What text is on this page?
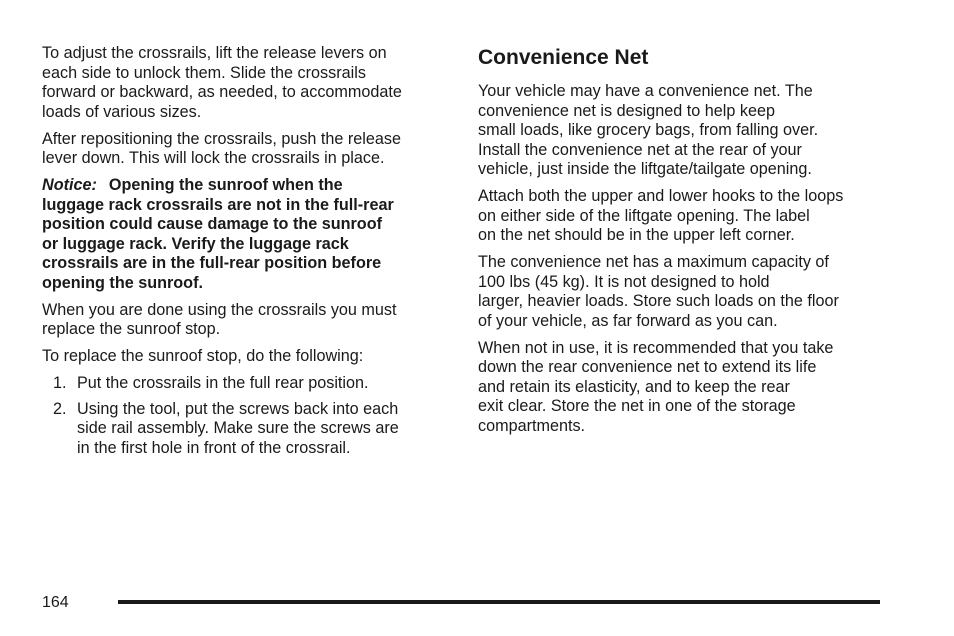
To adjust the crossrails, lift the release levers on
each side to unlock them. Slide the crossrails
forward or backward, as needed, to accommodate
loads of various sizes.
After repositioning the crossrails, push the release
lever down. This will lock the crossrails in place.
Notice: Opening the sunroof when the
luggage rack crossrails are not in the full-rear
position could cause damage to the sunroof
or luggage rack. Verify the luggage rack
crossrails are in the full-rear position before
opening the sunroof.
When you are done using the crossrails you must
replace the sunroof stop.
To replace the sunroof stop, do the following:
1. Put the crossrails in the full rear position.
2. Using the tool, put the screws back into each
side rail assembly. Make sure the screws are
in the first hole in front of the crossrail.
Convenience Net
Your vehicle may have a convenience net. The
convenience net is designed to help keep
small loads, like grocery bags, from falling over.
Install the convenience net at the rear of your
vehicle, just inside the liftgate/tailgate opening.
Attach both the upper and lower hooks to the loops
on either side of the liftgate opening. The label
on the net should be in the upper left corner.
The convenience net has a maximum capacity of
100 lbs (45 kg). It is not designed to hold
larger, heavier loads. Store such loads on the floor
of your vehicle, as far forward as you can.
When not in use, it is recommended that you take
down the rear convenience net to extend its life
and retain its elasticity, and to keep the rear
exit clear. Store the net in one of the storage
compartments.
164
